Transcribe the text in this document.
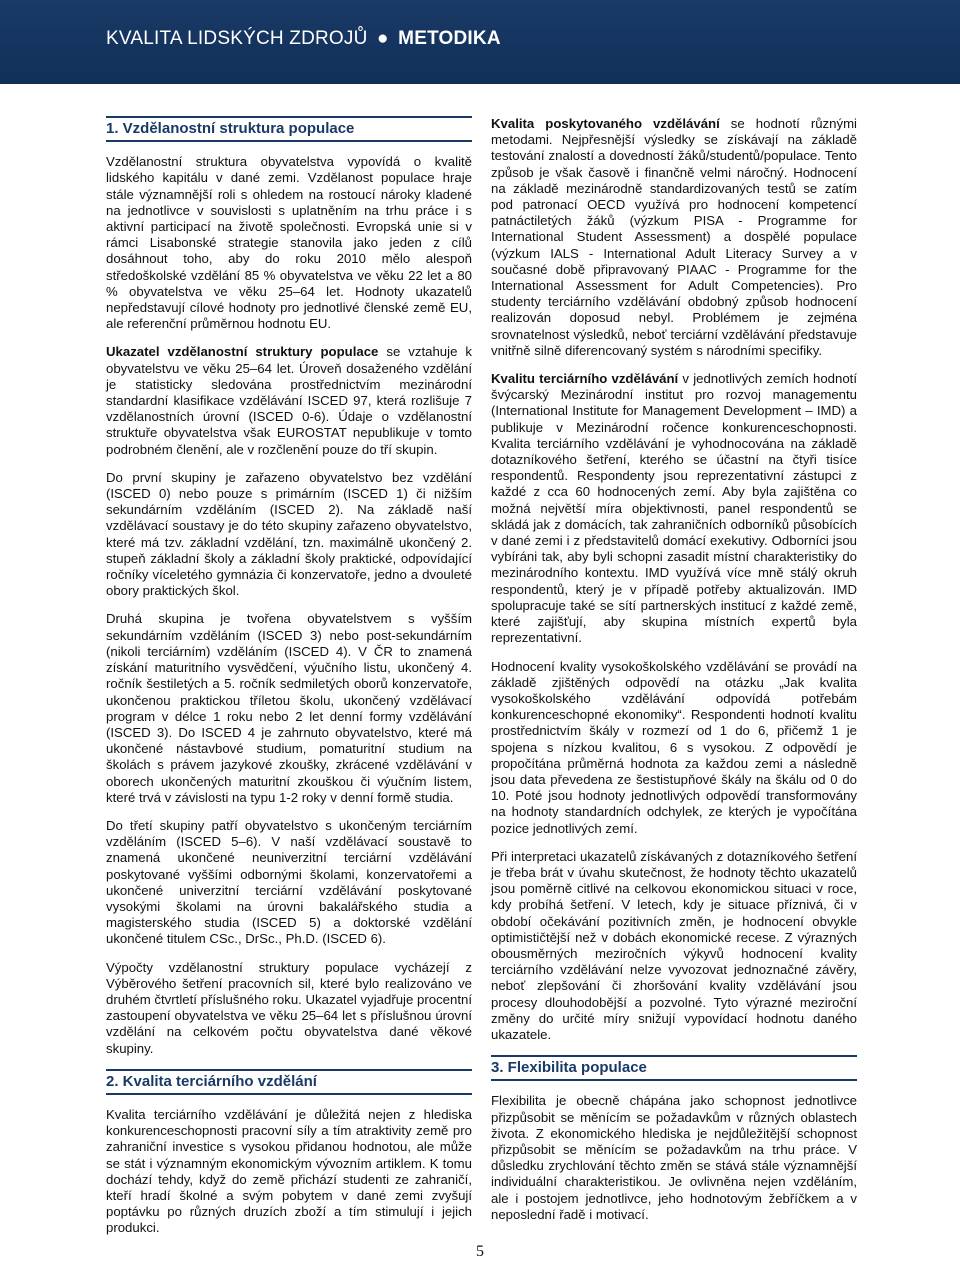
KVALITA LIDSKÝCH ZDROJŮ ● METODIKA
1. Vzdělanostní struktura populace

Vzdělanostní struktura obyvatelstva vypovídá o kvalitě lidského kapitálu v dané zemi. Vzdělanost populace hraje stále významnější roli s ohledem na rostoucí nároky kladené na jednotlivce v souvislosti s uplatněním na trhu práce i s aktivní participací na životě společnosti. Evropská unie si v rámci Lisabonské strategie stanovila jako jeden z cílů dosáhnout toho, aby do roku 2010 mělo alespoň středoškolské vzdělání 85 % obyvatelstva ve věku 22 let a 80 % obyvatelstva ve věku 25–64 let. Hodnoty ukazatelů nepředstavují cílové hodnoty pro jednotlivé členské země EU, ale referenční průměrnou hodnotu EU.

Ukazatel vzdělanostní struktury populace se vztahuje k obyvatelstvu ve věku 25–64 let. Úroveň dosaženého vzdělání je statisticky sledována prostřednictvím mezinárodní standardní klasifikace vzdělávání ISCED 97, která rozlišuje 7 vzdělanostních úrovní (ISCED 0-6). Údaje o vzdělanostní struktuře obyvatelstva však EUROSTAT nepublikuje v tomto podrobném členění, ale v rozčlenění pouze do tří skupin.

Do první skupiny je zařazeno obyvatelstvo bez vzdělání (ISCED 0) nebo pouze s primárním (ISCED 1) či nižším sekundárním vzděláním (ISCED 2). Na základě naší vzdělávací soustavy je do této skupiny zařazeno obyvatelstvo, které má tzv. základní vzdělání, tzn. maximálně ukončený 2. stupeň základní školy a základní školy praktické, odpovídající ročníky víceletého gymnázia či konzervatoře, jedno a dvouleté obory praktických škol.

Druhá skupina je tvořena obyvatelstvem s vyšším sekundárním vzděláním (ISCED 3) nebo post-sekundárním (nikoli terciárním) vzděláním (ISCED 4). V ČR to znamená získání maturitního vysvědčení, výučního listu, ukončený 4. ročník šestiletých a 5. ročník sedmiletých oborů konzervatoře, ukončenou praktickou tříletou školu, ukončený vzdělávací program v délce 1 roku nebo 2 let denní formy vzdělávání (ISCED 3). Do ISCED 4 je zahrnuto obyvatelstvo, které má ukončené nástavbové studium, pomaturitní studium na školách s právem jazykové zkoušky, zkrácené vzdělávání v oborech ukončených maturitní zkouškou či výučním listem, které trvá v závislosti na typu 1-2 roky v denní formě studia.

Do třetí skupiny patří obyvatelstvo s ukončeným terciárním vzděláním (ISCED 5–6). V naší vzdělávací soustavě to znamená ukončené neuniverzitní terciární vzdělávání poskytované vyššími odbornými školami, konzervatořemi a ukončené univerzitní terciární vzdělávání poskytované vysokými školami na úrovni bakalářského studia a magisterského studia (ISCED 5) a doktorské vzdělání ukončené titulem CSc., DrSc., Ph.D. (ISCED 6).

Výpočty vzdělanostní struktury populace vycházejí z Výběrového šetření pracovních sil, které bylo realizováno ve druhém čtvrtletí příslušného roku. Ukazatel vyjadřuje procentní zastoupení obyvatelstva ve věku 25–64 let s příslušnou úrovní vzdělání na celkovém počtu obyvatelstva dané věkové skupiny.

2. Kvalita terciárního vzdělání

Kvalita terciárního vzdělávání je důležitá nejen z hlediska konkurenceschopnosti pracovní síly a tím atraktivity země pro zahraniční investice s vysokou přidanou hodnotou, ale může se stát i významným ekonomickým vývozním artiklem. K tomu dochází tehdy, když do země přichází studenti ze zahraničí, kteří hradí školné a svým pobytem v dané zemi zvyšují poptávku po různých druzích zboží a tím stimulují i jejich produkci.

Kvalita poskytovaného vzdělávání se hodnotí různými metodami. Nejpřesnější výsledky se získávají na základě testování znalostí a dovedností žáků/studentů/populace. Tento způsob je však časově i finančně velmi náročný. Hodnocení na základě mezinárodně standardizovaných testů se zatím pod patronací OECD využívá pro hodnocení kompetencí patnáctiletých žáků (výzkum PISA - Programme for International Student Assessment) a dospělé populace (výzkum IALS - International Adult Literacy Survey a v současné době připravovaný PIAAC - Programme for the International Assessment for Adult Competencies). Pro studenty terciárního vzdělávání obdobný způsob hodnocení realizován doposud nebyl. Problémem je zejména srovnatelnost výsledků, neboť terciární vzdělávání představuje vnitřně silně diferencovaný systém s národními specifiky.

Kvalitu terciárního vzdělávání v jednotlivých zemích hodnotí švýcarský Mezinárodní institut pro rozvoj managementu (International Institute for Management Development – IMD) a publikuje v Mezinárodní ročence konkurenceschopnosti. Kvalita terciárního vzdělávání je vyhodnocována na základě dotazníkového šetření, kterého se účastní na čtyři tisíce respondentů. Respondenty jsou reprezentativní zástupci z každé z cca 60 hodnocených zemí. Aby byla zajištěna co možná největší míra objektivnosti, panel respondentů se skládá jak z domácích, tak zahraničních odborníků působících v dané zemi i z představitelů domácí exekutivy. Odborníci jsou vybíráni tak, aby byli schopni zasadit místní charakteristiky do mezinárodního kontextu. IMD využívá více mně stálý okruh respondentů, který je v případě potřeby aktualizován. IMD spolupracuje také se sítí partnerských institucí z každé země, které zajišťují, aby skupina místních expertů byla reprezentativní.

Hodnocení kvality vysokoškolského vzdělávání se provádí na základě zjištěných odpovědí na otázku „Jak kvalita vysokoškolského vzdělávání odpovídá potřebám konkurenceschopné ekonomiky“. Respondenti hodnotí kvalitu prostřednictvím škály v rozmezí od 1 do 6, přičemž 1 je spojena s nízkou kvalitou, 6 s vysokou. Z odpovědí je propočítána průměrná hodnota za každou zemi a následně jsou data převedena ze šestistupňové škály na škálu od 0 do 10. Poté jsou hodnoty jednotlivých odpovědí transformovány na hodnoty standardních odchylek, ze kterých je vypočítána pozice jednotlivých zemí.

Při interpretaci ukazatelů získávaných z dotazníkového šetření je třeba brát v úvahu skutečnost, že hodnoty těchto ukazatelů jsou poměrně citlivé na celkovou ekonomickou situaci v roce, kdy probíhá šetření. V letech, kdy je situace příznivá, či v období očekávání pozitivních změn, je hodnocení obvykle optimističtější než v dobách ekonomické recese. Z výrazných obousměrných meziročních výkyvů hodnocení kvality terciárního vzdělávání nelze vyvozovat jednoznačné závěry, neboť zlepšování či zhoršování kvality vzdělávání jsou procesy dlouhodobější a pozvolné. Tyto výrazné meziroční změny do určité míry snižují vypovídací hodnotu daného ukazatele.

3. Flexibilita populace

Flexibilita je obecně chápána jako schopnost jednotlivce přizpůsobit se měnícím se požadavkům v různých oblastech života. Z ekonomického hlediska je nejdůležitější schopnost přizpůsobit se měnícím se požadavkům na trhu práce. V důsledku zrychlování těchto změn se stává stále významnější individuální charakteristikou. Je ovlivněna nejen vzděláním, ale i postojem jednotlivce, jeho hodnotovým žebříčkem a v neposlední řadě i motivací.

5
